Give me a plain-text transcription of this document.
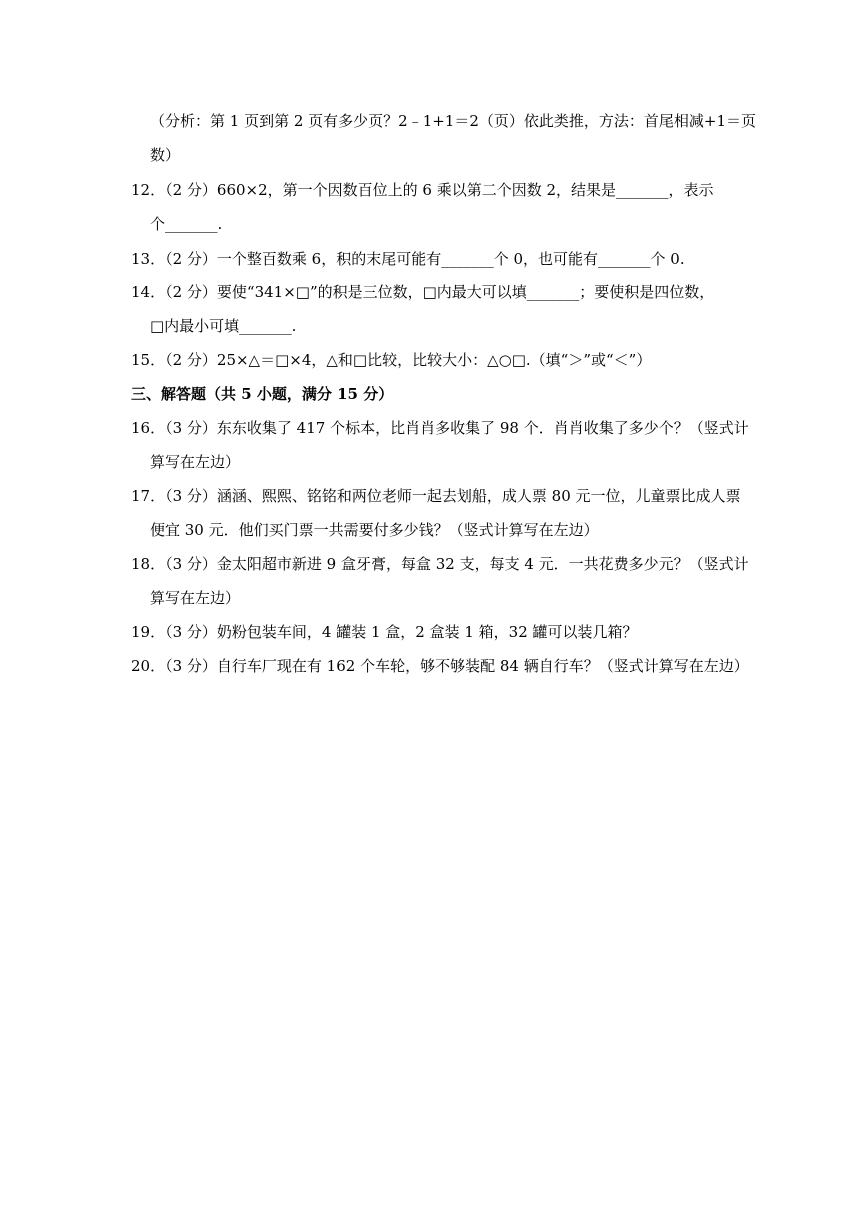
（分析：第 1 页到第 2 页有多少页？2﹣1+1＝2（页）依此类推，方法：首尾相减+1＝页
数）
12．（2 分）660×2，第一个因数百位上的 6 乘以第二个因数 2，结果是_______，表示
个_______.
13．（2 分）一个整百数乘 6，积的末尾可能有_______个 0，也可能有_______个 0.
14．（2 分）要使“341×□”的积是三位数，□内最大可以填_______；要使积是四位数，
□内最小可填_______.
15．（2 分）25×△＝□×4，△和□比较，比较大小：△○□.（填“＞”或“＜”）
三、解答题（共 5 小题，满分 15 分）
16．（3 分）东东收集了 417 个标本，比肖肖多收集了 98 个．肖肖收集了多少个？（竖式计
算写在左边）
17．（3 分）涵涵、熙熙、铭铭和两位老师一起去划船，成人票 80 元一位，儿童票比成人票
便宜 30 元．他们买门票一共需要付多少钱？（竖式计算写在左边）
18．（3 分）金太阳超市新进 9 盒牙膏，每盒 32 支，每支 4 元．一共花费多少元？（竖式计
算写在左边）
19．（3 分）奶粉包装车间，4 罐装 1 盒，2 盒装 1 箱，32 罐可以装几箱？
20．（3 分）自行车厂现在有 162 个车轮，够不够装配 84 辆自行车？（竖式计算写在左边）
